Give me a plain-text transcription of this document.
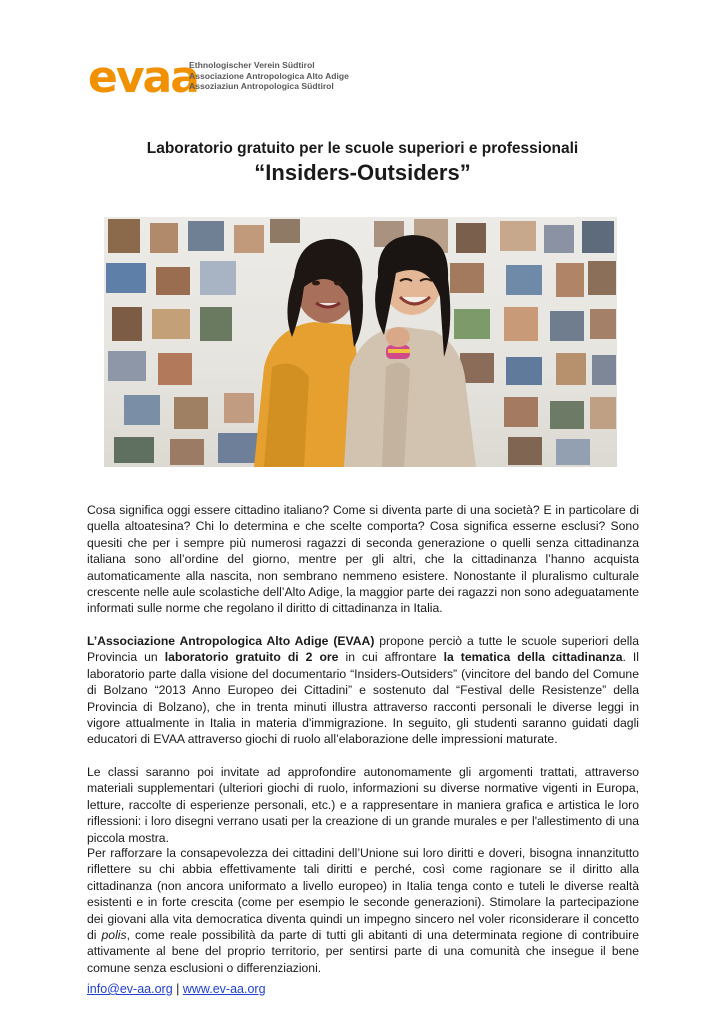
evaa
Ethnologischer Verein Südtirol
Associazione Antropologica Alto Adige
Assoziaziun Antropologica Südtirol
Laboratorio gratuito per le scuole superiori e professionali
“Insiders-Outsiders”

Cosa significa oggi essere cittadino italiano? Come si diventa parte di una società? E in particolare di quella altoatesina? Chi lo determina e che scelte comporta? Cosa significa esserne esclusi? Sono quesiti che per i sempre più numerosi ragazzi di seconda generazione o quelli senza cittadinanza italiana sono all’ordine del giorno, mentre per gli altri, che la cittadinanza l’hanno acquista automaticamente alla nascita, non sembrano nemmeno esistere. Nonostante il pluralismo culturale crescente nelle aule scolastiche dell’Alto Adige, la maggior parte dei ragazzi non sono adeguatamente informati sulle norme che regolano il diritto di cittadinanza in Italia.

L’Associazione Antropologica Alto Adige (EVAA) propone perciò a tutte le scuole superiori della Provincia un laboratorio gratuito di 2 ore in cui affrontare la tematica della cittadinanza. Il laboratorio parte dalla visione del documentario “Insiders-Outsiders” (vincitore del bando del Comune di Bolzano “2013 Anno Europeo dei Cittadini” e sostenuto dal “Festival delle Resistenze” della Provincia di Bolzano), che in trenta minuti illustra attraverso racconti personali le diverse leggi in vigore attualmente in Italia in materia d'immigrazione. In seguito, gli studenti saranno guidati dagli educatori di EVAA attraverso giochi di ruolo all’elaborazione delle impressioni maturate.

Le classi saranno poi invitate ad approfondire autonomamente gli argomenti trattati, attraverso materiali supplementari (ulteriori giochi di ruolo, informazioni su diverse normative vigenti in Europa, letture, raccolte di esperienze personali, etc.) e a rappresentare in maniera grafica e artistica le loro riflessioni: i loro disegni verrano usati per la creazione di un grande murales e per l'allestimento di una piccola mostra.

Per rafforzare la consapevolezza dei cittadini dell’Unione sui loro diritti e doveri, bisogna innanzitutto riflettere su chi abbia effettivamente tali diritti e perché, così come ragionare se il diritto alla cittadinanza (non ancora uniformato a livello europeo) in Italia tenga conto e tuteli le diverse realtà esistenti e in forte crescita (come per esempio le seconde generazioni). Stimolare la partecipazione dei giovani alla vita democratica diventa quindi un impegno sincero nel voler riconsiderare il concetto di polis, come reale possibilità da parte di tutti gli abitanti di una determinata regione di contribuire attivamente al bene del proprio territorio, per sentirsi parte di una comunità che insegue il bene comune senza esclusioni o differenziazioni.

info@ev-aa.org | www.ev-aa.org
